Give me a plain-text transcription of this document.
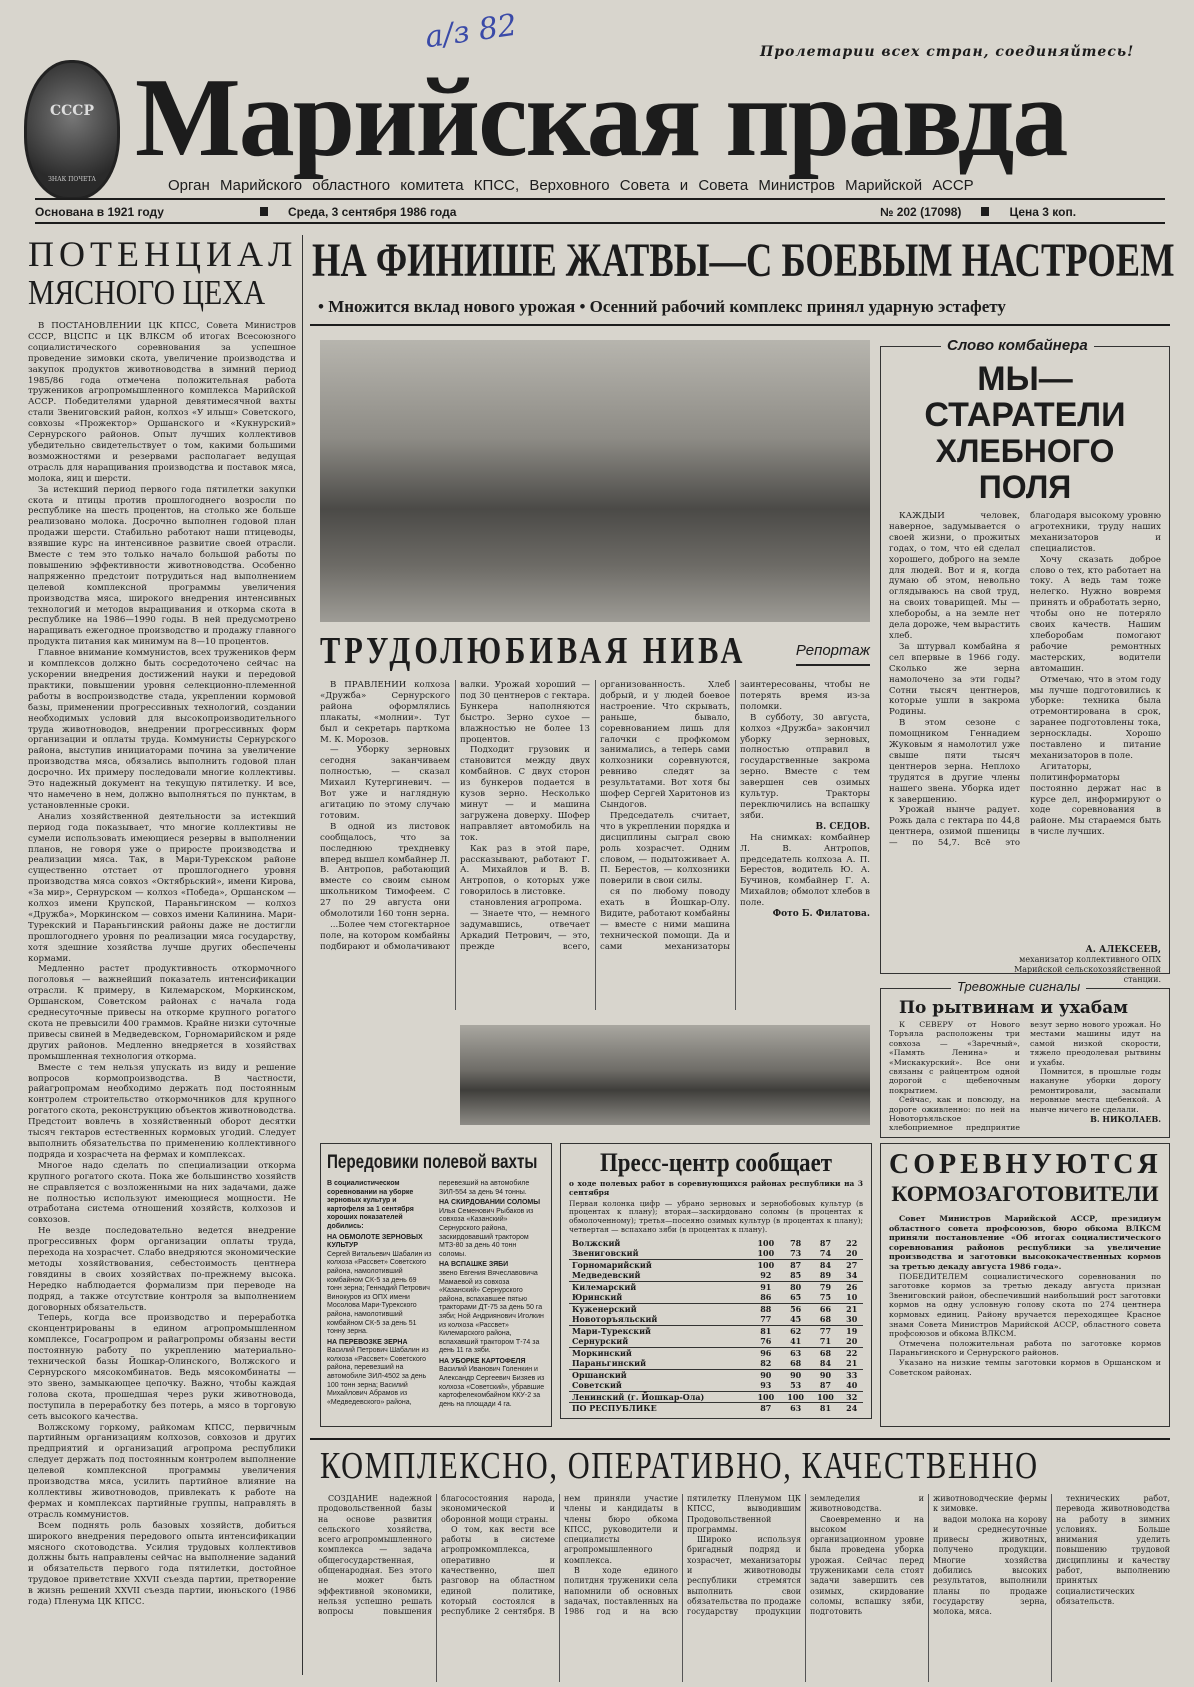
а/з 82	Пролетарии всех стран, соединяйтесь!
СССР
ЗНАК ПОЧЕТА Марийская правда
Орган Марийского областного комитета КПСС, Верховного Совета и Совета Министров Марийской АССР
Основана в 1921 году	Среда, 3 сентября 1986 года	№ 202 (17098)	Цена 3 коп.
ПОТЕНЦИАЛ
МЯСНОГО ЦЕХА

В ПОСТАНОВЛЕНИИ ЦК КПСС, Совета Министров СССР, ВЦСПС и ЦК ВЛКСМ об итогах Всесоюзного социалистического соревнования за успешное проведение зимовки скота, увеличение производства и закупок продуктов животноводства в зимний период 1985/86 года отмечена положительная работа тружеников агропромышленного комплекса Марийской АССР. Победителями ударной девятимесячной вахты стали Звениговский район, колхоз «У илыш» Советского, совхозы «Прожектор» Оршанского и «Кукнурский» Сернурского районов. Опыт лучших коллективов убедительно свидетельствует о том, какими большими возможностями и резервами располагает ведущая отрасль для наращивания производства и поставок мяса, молока, яиц и шерсти.

За истекший период первого года пятилетки закупки скота и птицы против прошлогоднего возросли по республике на шесть процентов, на столько же больше реализовано молока. Досрочно выполнен годовой план продажи шерсти. Стабильно работают наши птицеводы, взявшие курс на интенсивное развитие своей отрасли. Вместе с тем это только начало большой работы по повышению эффективности животноводства. Особенно напряженно предстоит потрудиться над выполнением целевой комплексной программы увеличения производства мяса, широкого внедрения интенсивных технологий и методов выращивания и откорма скота в республике на 1986—1990 годы. В ней предусмотрено наращивать ежегодное производство и продажу главного продукта питания как минимум на 8—10 процентов.

Главное внимание коммунистов, всех тружеников ферм и комплексов должно быть сосредоточено сейчас на ускорении внедрения достижений науки и передовой практики, повышении уровня селекционно-племенной работы в воспроизводстве стада, укреплении кормовой базы, применении прогрессивных технологий, создании необходимых условий для высокопроизводительного труда животноводов, внедрении прогрессивных форм организации и оплаты труда. Коммунисты Сернурского района, выступив инициаторами почина за увеличение производства мяса, обязались выполнить годовой план досрочно. Их примеру последовали многие коллективы. Это надежный документ на текущую пятилетку. И все, что намечено в нем, должно выполняться по пунктам, в установленные сроки.

Анализ хозяйственной деятельности за истекший период года показывает, что многие коллективы не сумели использовать имеющиеся резервы в выполнении планов, не говоря уже о приросте производства и реализации мяса. Так, в Мари-Турекском районе существенно отстает от прошлогоднего уровня производства мяса совхоз «Октябрьский», имени Кирова, «За мир», Сернурском — колхоз «Победа», Оршанском — колхоз имени Крупской, Параньгинском — колхоз «Дружба», Моркинском — совхоз имени Калинина. Мари-Турекский и Параньгинский районы даже не достигли прошлогоднего уровня по реализации мяса государству, хотя здешние хозяйства лучше других обеспечены кормами.

Медленно растет продуктивность откормочного поголовья — важнейший показатель интенсификации отрасли. К примеру, в Килемарском, Моркинском, Оршанском, Советском районах с начала года среднесуточные привесы на откорме крупного рогатого скота не превысили 400 граммов. Крайне низки суточные привесы свиней в Медведевском, Горномарийском и ряде других районов. Медленно внедряется в хозяйствах промышленная технология откорма.

Вместе с тем нельзя упускать из виду и решение вопросов кормопроизводства. В частности, райагропромам необходимо держать под постоянным контролем строительство откормочников для крупного рогатого скота, реконструкцию объектов животноводства. Предстоит вовлечь в хозяйственный оборот десятки тысяч гектаров естественных кормовых угодий. Следует выполнить обязательства по применению коллективного подряда и хозрасчета на фермах и комплексах.

Многое надо сделать по специализации откорма крупного рогатого скота. Пока же большинство хозяйств не справляется с возложенными на них задачами, даже не полностью используют имеющиеся мощности. Не отработана система отношений хозяйств, колхозов и совхозов.

Не везде последовательно ведется внедрение прогрессивных форм организации оплаты труда, перехода на хозрасчет. Слабо внедряются экономические методы хозяйствования, себестоимость центнера говядины в своих хозяйствах по-прежнему высока. Нередко наблюдается формализм при переводе на подряд, а также отсутствие контроля за выполнением договорных обязательств.

Теперь, когда все производство и переработка сконцентрированы в едином агропромышленном комплексе, Госагропром и райагропромы обязаны вести постоянную работу по укреплению материально-технической базы Йошкар-Олинского, Волжского и Сернурского мясокомбинатов. Ведь мясокомбинаты — это звено, замыкающее цепочку. Важно, чтобы каждая голова скота, прошедшая через руки животновода, поступила в переработку без потерь, а мясо в торговую сеть высокого качества.

Волжскому горкому, райкомам КПСС, первичным партийным организациям колхозов, совхозов и других предприятий и организаций агропрома республики следует держать под постоянным контролем выполнение целевой комплексной программы увеличения производства мяса, усилить партийное влияние на коллективы животноводов, привлекать к работе на фермах и комплексах партийные группы, направлять в отрасль коммунистов.

Всем поднять роль базовых хозяйств, добиться широкого внедрения передового опыта интенсификации мясного скотоводства. Усилия трудовых коллективов должны быть направлены сейчас на выполнение заданий и обязательств первого года пятилетки, достойное трудовое приветствие XXVII съезда партии, претворение в жизнь решений XXVII съезда партии, июньского (1986 года) Пленума ЦК КПСС.

НА ФИНИШЕ ЖАТВЫ—С БОЕВЫМ НАСТРОЕМ
• Множится вклад нового урожая • Осенний рабочий комплекс принял ударную эстафету
Слово комбайнера
МЫ—СТАРАТЕЛИ
ХЛЕБНОГО ПОЛЯ

КАЖДЫЙ человек, наверное, задумывается о своей жизни, о прожитых годах, о том, что ей сделал хорошего, доброго на земле для людей. Вот и я, когда думаю об этом, невольно оглядываюсь на свой труд, на своих товарищей. Мы — хлеборобы, а на земле нет дела дороже, чем вырастить хлеб.

За штурвал комбайна я сел впервые в 1966 году. Сколько же зерна намолочено за эти годы? Сотни тысяч центнеров, которые ушли в закрома Родины.

В этом сезоне с помощником Геннадием Жуковым я намолотил уже свыше пяти тысяч центнеров зерна. Неплохо трудятся в другие члены нашего звена. Уборка идет к завершению.

Урожай нынче радует. Рожь дала с гектара по 44,8 центнера, озимой пшеницы — по 54,7. Всё это благодаря высокому уровню агротехники, труду наших механизаторов и специалистов.

Хочу сказать доброе слово о тех, кто работает на току. А ведь там тоже нелегко. Нужно вовремя принять и обработать зерно, чтобы оно не потеряло своих качеств. Нашим хлеборобам помогают рабочие ремонтных мастерских, водители автомашин.

Отмечаю, что в этом году мы лучше подготовились к уборке: техника была отремонтирована в срок, заранее подготовлены тока, зерносклады. Хорошо поставлено и питание механизаторов в поле.

Агитаторы, политинформаторы постоянно держат нас в курсе дел, информируют о ходе соревнования в районе. Мы стараемся быть в числе лучших.

А. АЛЕКСЕЕВ,
механизатор коллективного ОПХ Марийской сельскохозяйственной станции.
ТРУДОЛЮБИВАЯ НИВА	Репортаж

В ПРАВЛЕНИИ колхоза «Дружба» Сернурского района оформлялись плакаты, «молнии». Тут был и секретарь парткома М. К. Морозов.

— Уборку зерновых сегодня заканчиваем полностью, — сказал Михаил Кутергиневич. — Вот уже и наглядную агитацию по этому случаю готовим.

В одной из листовок сообщалось, что за последнюю трехдневку вперед вышел комбайнер Л. В. Антропов, работающий вместе со своим сыном школьником Тимофеем. С 27 по 29 августа они обмолотили 160 тонн зерна.

...Более чем стогектарное поле, на котором комбайны подбирают и обмолачивают валки. Урожай хороший — под 30 центнеров с гектара. Бункера наполняются быстро. Зерно сухое — влажностью не более 13 процентов.

Подходит грузовик и становится между двух комбайнов. С двух сторон из бункеров подается в кузов зерно. Несколько минут — и машина загружена доверху. Шофер направляет автомобиль на ток.

Как раз в этой паре, рассказывают, работают Г. А. Михайлов и В. В. Антропов, о которых уже говорилось в листовке.

становления агропрома.

— Знаете что, — немного задумавшись, отвечает Аркадий Петрович, — это, прежде всего, организованность. Хлеб добрый, и у людей боевое настроение. Что скрывать, раньше, бывало, соревнованием лишь для галочки с профкомом занимались, а теперь сами колхозники соревнуются, ревниво следят за результатами. Вот хотя бы шофер Сергей Харитонов из Сындогов.

Председатель считает, что в укреплении порядка и дисциплины сыграл свою роль хозрасчет. Одним словом, — подытоживает А. П. Берестов, — колхозники поверили в свои силы.

ся по любому поводу ехать в Йошкар-Олу. Видите, работают комбайны — вместе с ними машина технической помощи. Да и сами механизаторы заинтересованы, чтобы не потерять время из-за поломки.

В субботу, 30 августа, колхоз «Дружба» закончил уборку зерновых, полностью отправил в государственные закрома зерно. Вместе с тем завершен сев озимых культур. Тракторы переключились на вспашку зяби.

В. СЕДОВ.

На снимках: комбайнер Л. В. Антропов, председатель колхоза А. П. Берестов, водитель Ю. А. Бучинов, комбайнер Г. А. Михайлов; обмолот хлебов в поле.

Фото Б. Филатова.
Тревожные сигналы
По рытвинам и ухабам

К СЕВЕРУ от Нового Торъяла расположены три совхоза — «Заречный», «Память Ленина» и «Мискакурский». Все они связаны с райцентром одной дорогой с щебеночным покрытием.

Сейчас, как и повсюду, на дороге оживленно: по ней на Новоторъяльское хлебоприемное предприятие везут зерно нового урожая. Но местами машины идут на самой низкой скорости, тяжело преодолевая рытвины и ухабы.

Помнится, в прошлые годы накануне уборки дорогу ремонтировали, засыпали неровные места щебенкой. А нынче ничего не сделали.

В. НИКОЛАЕВ.
Передовики полевой вахты

В социалистическом соревновании на уборке зерновых культур и картофеля за 1 сентября хороших показателей добились:

НА ОБМОЛОТЕ ЗЕРНОВЫХ КУЛЬТУР

Сергей Витальевич Шабалин из колхоза «Рассвет» Советского района, намолотивший комбайном СК-5 за день 69 тонн зерна; Геннадий Петрович Винокуров из ОПХ имени Мосолова Мари-Турекского района, намолотивший комбайном СК-5 за день 51 тонну зерна.

НА ПЕРЕВОЗКЕ ЗЕРНА

Василий Петрович Шабалин из колхоза «Рассвет» Советского района, перевезший на автомобиле ЗИЛ-4502 за день 100 тонн зерна; Василий Михайлович Абрамов из «Медведевского» района, перевезший на автомобиле ЗИЛ-554 за день 94 тонны.

НА СКИРДОВАНИИ СОЛОМЫ

Илья Семенович Рыбаков из совхоза «Казанский» Сернурского района, заскирдовавший трактором МТЗ-80 за день 40 тонн соломы.

НА ВСПАШКЕ ЗЯБИ

звено Евгения Вячеславовича Мамаевой из совхоза «Казанский» Сернурского района, вспахавшее пятью тракторами ДТ-75 за день 50 га зяби; Ной Андриянович Иголкин из колхоза «Рассвет» Килемарского района, вспахавший трактором Т-74 за день 11 га зяби.

НА УБОРКЕ КАРТОФЕЛЯ

Василий Иванович Голенкин и Александр Сергеевич Бизяев из колхоза «Советский», убравшие картофелекомбайном ККУ-2 за день на площади 4 га.

Пресс-центр сообщает
о ходе полевых работ в соревнующихся районах республики на 3 сентября
Первая колонка цифр — убрано зерновых и зернобобовых культур (в процентах к плану); вторая—заскирдовано соломы (в процентах к обмолоченному); третья—посеяно озимых культур (в процентах к плану); четвертая — вспахано зяби (в процентах к плану).
Волжский	100	78	87	22
Звениговский	100	73	74	20
Горномарийский	100	87	84	27
Медведевский	92	85	89	34
Килемарский	91	80	79	26
Юринский	86	65	75	10
Куженерский	88	56	66	21
Новоторъяльский	77	45	68	30
Мари-Турекский	81	62	77	19
Сернурский	76	41	71	20
Моркинский	96	63	68	22
Параньгинский	82	68	84	21
Оршанский	90	90	90	33
Советский	93	53	87	40
Ленинский (г. Йошкар-Ола)	100	100	100	32
ПО РЕСПУБЛИКЕ	87	63	81	24
СОРЕВНУЮТСЯ
КОРМОЗАГОТОВИТЕЛИ

Совет Министров Марийской АССР, президиум областного совета профсоюзов, бюро обкома ВЛКСМ приняли постановление «Об итогах социалистического соревнования районов республики за увеличение производства и заготовки высококачественных кормов за третью декаду августа 1986 года».

ПОБЕДИТЕЛЕМ социалистического соревнования по заготовке кормов за третью декаду августа признан Звениговский район, обеспечивший наибольший рост заготовки кормов на одну условную голову скота по 274 центнера кормовых единиц. Району вручается переходящее Красное знамя Совета Министров Марийской АССР, областного совета профсоюзов и обкома ВЛКСМ.

Отмечена положительная работа по заготовке кормов Параньгинского и Сернурского районов.

Указано на низкие темпы заготовки кормов в Оршанском и Советском районах.

КОМПЛЕКСНО, ОПЕРАТИВНО, КАЧЕСТВЕННО

СОЗДАНИЕ надежной продовольственной базы на основе развития сельского хозяйства, всего агропромышленного комплекса — задача общегосударственная, общенародная. Без этого не может быть эффективной экономики, нельзя успешно решать вопросы повышения благосостояния народа, экономической и оборонной мощи страны.

О том, как вести все работы в системе агропромкомплекса, оперативно и качественно, шел разговор на областном единой политике, который состоялся в республике 2 сентября. В нем приняли участие члены и кандидаты в члены бюро обкома КПСС, руководители и специалисты агропромышленного комплекса.

В ходе единого политдня труженики села напомнили об основных задачах, поставленных на 1986 год и на всю пятилетку Пленумом ЦК КПСС, выводившим Продовольственной программы.

Широко используя бригадный подряд и хозрасчет, механизаторы и животноводы республики стремятся выполнить свои обязательства по продаже государству продукции земледелия и животноводства.

Своевременно и на высоком организационном уровне была проведена уборка урожая. Сейчас перед тружениками села стоят задачи завершить сев озимых, скирдование соломы, вспашку зяби, подготовить животноводческие фермы к зимовке.

вадои молока на корову и среднесуточные привесы животных, получено продукции. Многие хозяйства добились высоких результатов, выполнили планы по продаже государству зерна, молока, мяса.

технических работ, перевода животноводства на работу в зимних условиях. Больше внимания уделить повышению трудовой дисциплины и качеству работ, выполнению принятых социалистических обязательств.
